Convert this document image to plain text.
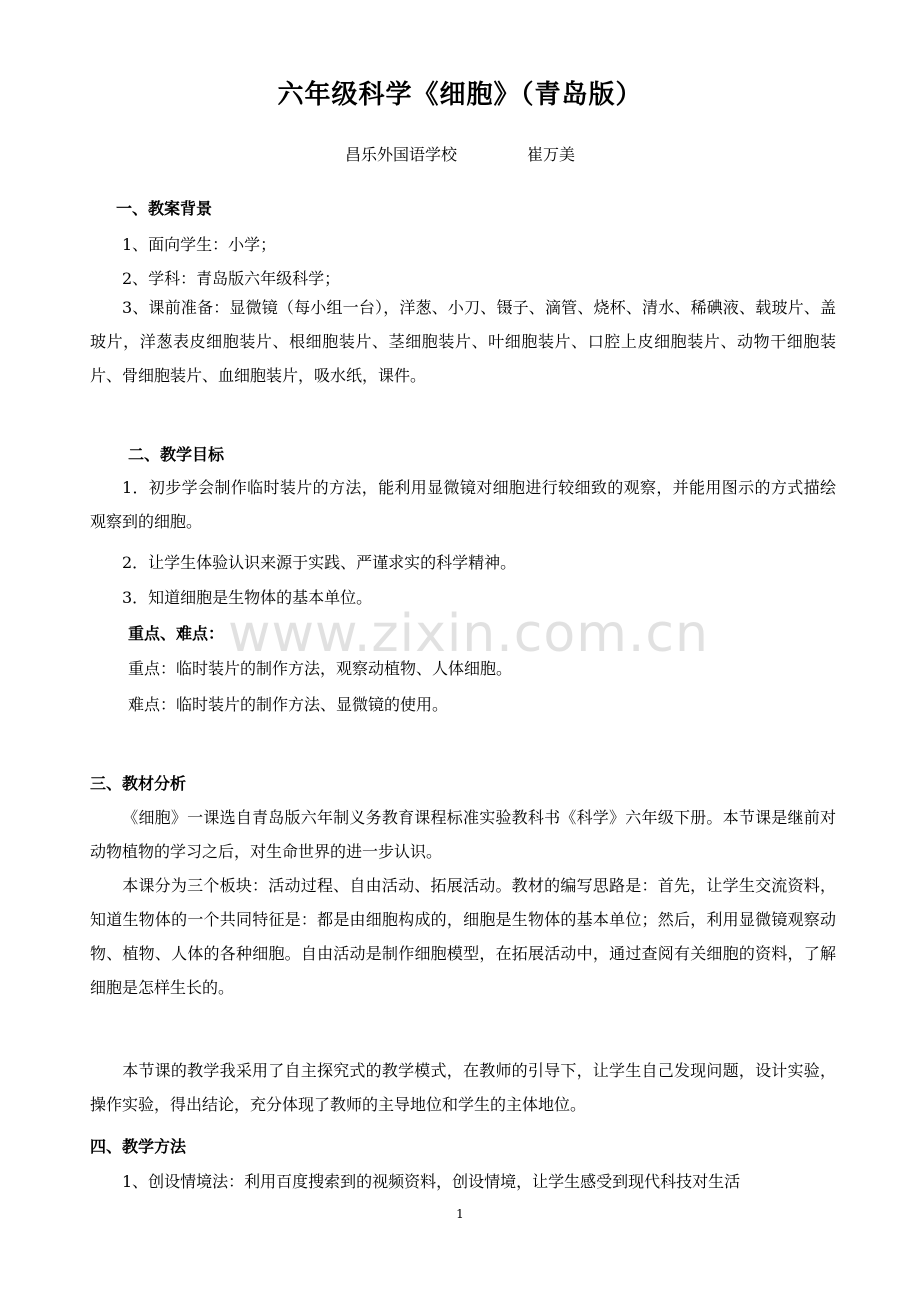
六年级科学《细胞》（青岛版）
昌乐外国语学校	崔万美
一、教案背景
1、面向学生：小学；
2、学科：青岛版六年级科学；
3、课前准备：显微镜（每小组一台），洋葱、小刀、镊子、滴管、烧杯、清水、稀碘液、载玻片、盖玻片，洋葱表皮细胞装片、根细胞装片、茎细胞装片、叶细胞装片、口腔上皮细胞装片、动物干细胞装片、骨细胞装片、血细胞装片，吸水纸，课件。
二、教学目标
1．初步学会制作临时装片的方法，能利用显微镜对细胞进行较细致的观察，并能用图示的方式描绘观察到的细胞。
2．让学生体验认识来源于实践、严谨求实的科学精神。
3．知道细胞是生物体的基本单位。
重点、难点：
重点：临时装片的制作方法，观察动植物、人体细胞。
难点：临时装片的制作方法、显微镜的使用。
三、教材分析
《细胞》一课选自青岛版六年制义务教育课程标准实验教科书《科学》六年级下册。本节课是继前对动物植物的学习之后，对生命世界的进一步认识。
本课分为三个板块：活动过程、自由活动、拓展活动。教材的编写思路是：首先，让学生交流资料，知道生物体的一个共同特征是：都是由细胞构成的，细胞是生物体的基本单位；然后，利用显微镜观察动物、植物、人体的各种细胞。自由活动是制作细胞模型，在拓展活动中，通过查阅有关细胞的资料，了解细胞是怎样生长的。
本节课的教学我采用了自主探究式的教学模式，在教师的引导下，让学生自己发现问题，设计实验，操作实验，得出结论，充分体现了教师的主导地位和学生的主体地位。
四、教学方法
1、创设情境法：利用百度搜索到的视频资料，创设情境，让学生感受到现代科技对生活
www.zixin.com.cn
1
